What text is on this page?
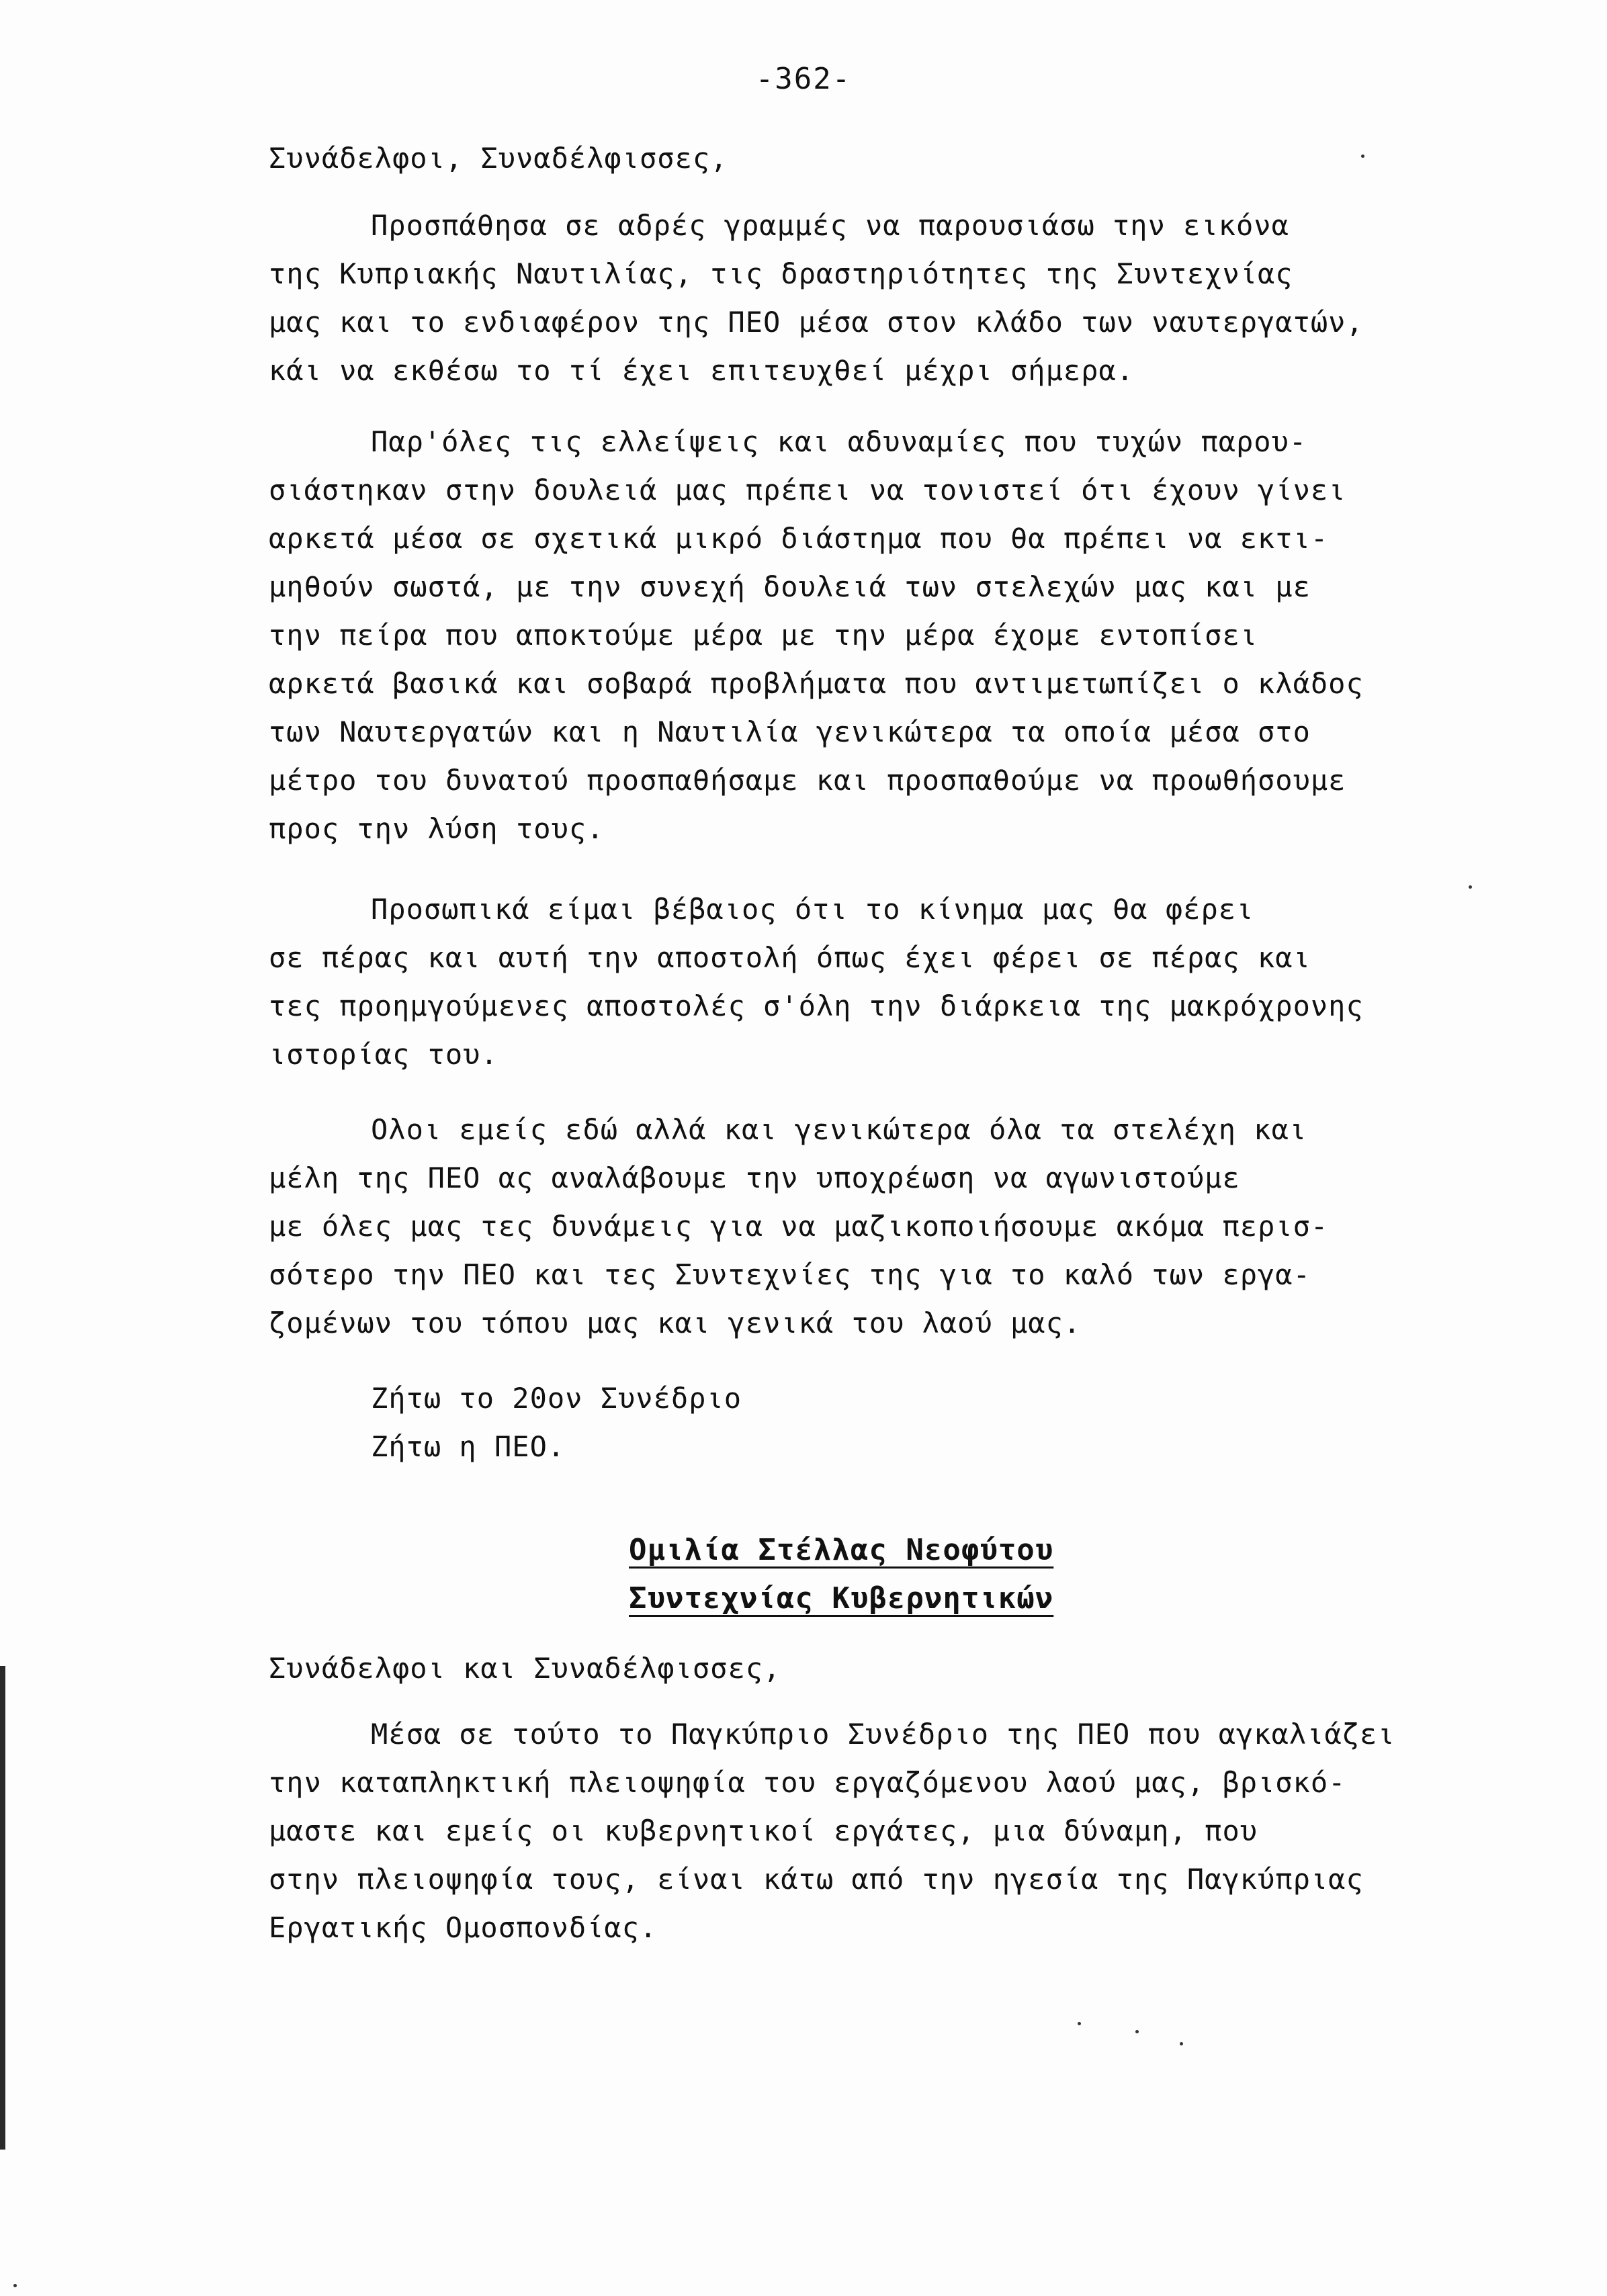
-362-
Συνάδελφοι, Συναδέλφισσες,
Προσπάθησα σε αδρές γραμμές να παρουσιάσω την εικόνα
της Κυπριακής Ναυτιλίας, τις δραστηριότητες της Συντεχνίας
μας και το ενδιαφέρον της ΠΕΟ μέσα στον κλάδο των ναυτεργατών,
κάι να εκθέσω το τί έχει επιτευχθεί μέχρι σήμερα.
Παρ'όλες τις ελλείψεις και αδυναμίες που τυχών παρου-
σιάστηκαν στην δουλειά μας πρέπει να τονιστεί ότι έχουν γίνει
αρκετά μέσα σε σχετικά μικρό διάστημα που θα πρέπει να εκτι-
μηθούν σωστά, με την συνεχή δουλειά των στελεχών μας και με
την πείρα που αποκτούμε μέρα με την μέρα έχομε εντοπίσει
αρκετά βασικά και σοβαρά προβλήματα που αντιμετωπίζει ο κλάδος
των Ναυτεργατών και η Ναυτιλία γενικώτερα τα οποία μέσα στο
μέτρο του δυνατού προσπαθήσαμε και προσπαθούμε να προωθήσουμε
προς την λύση τους.
Προσωπικά είμαι βέβαιος ότι το κίνημα μας θα φέρει
σε πέρας και αυτή την αποστολή όπως έχει φέρει σε πέρας και
τες προημγούμενες αποστολές σ'όλη την διάρκεια της μακρόχρονης
ιστορίας του.
Ολοι εμείς εδώ αλλά και γενικώτερα όλα τα στελέχη και
μέλη της ΠΕΟ ας αναλάβουμε την υποχρέωση να αγωνιστούμε
με όλες μας τες δυνάμεις για να μαζικοποιήσουμε ακόμα περισ-
σότερο την ΠΕΟ και τες Συντεχνίες της για το καλό των εργα-
ζομένων του τόπου μας και γενικά του λαού μας.
Ζήτω το 20ον Συνέδριο
Ζήτω η ΠΕΟ.
Ομιλία Στέλλας Νεοφύτου
Συντεχνίας Κυβερνητικών
Συνάδελφοι και Συναδέλφισσες,
Μέσα σε τούτο το Παγκύπριο Συνέδριο της ΠΕΟ που αγκαλιάζει
την καταπληκτική πλειοψηφία του εργαζόμενου λαού μας, βρισκό-
μαστε και εμείς οι κυβερνητικοί εργάτες, μια δύναμη, που
στην πλειοψηφία τους, είναι κάτω από την ηγεσία της Παγκύπριας
Εργατικής Ομοσπονδίας.
